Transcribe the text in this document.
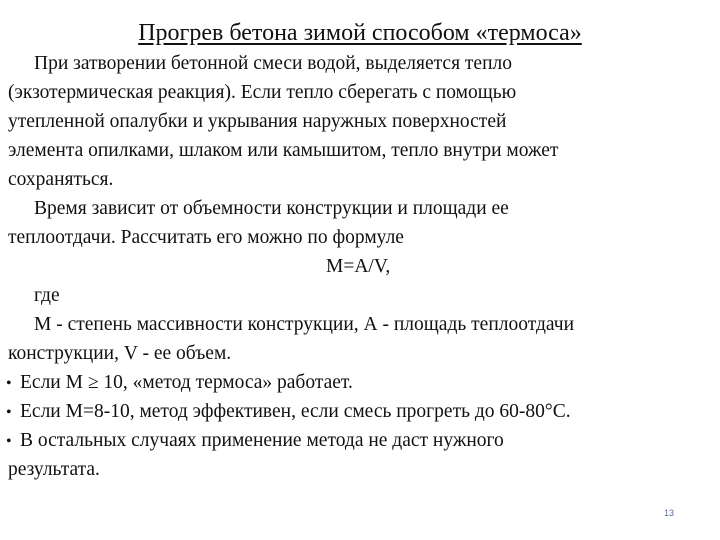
Прогрев бетона зимой способом «термоса»
При затворении бетонной смеси водой, выделяется тепло
(экзотермическая реакция). Если тепло сберегать с помощью
утепленной опалубки и укрывания наружных поверхностей
элемента опилками, шлаком или камышитом, тепло внутри может
сохраняться.
Время зависит от объемности конструкции и площади ее
теплоотдачи. Рассчитать его можно по формуле
М=А/V,
где
М - степень массивности конструкции, А - площадь теплоотдачи
конструкции, V - ее объем.
• Если М ≥ 10, «метод термоса» работает.
• Если М=8-10, метод эффективен, если смесь прогреть до 60-80°С.
• В остальных случаях применение метода не даст нужного
результата.
13
